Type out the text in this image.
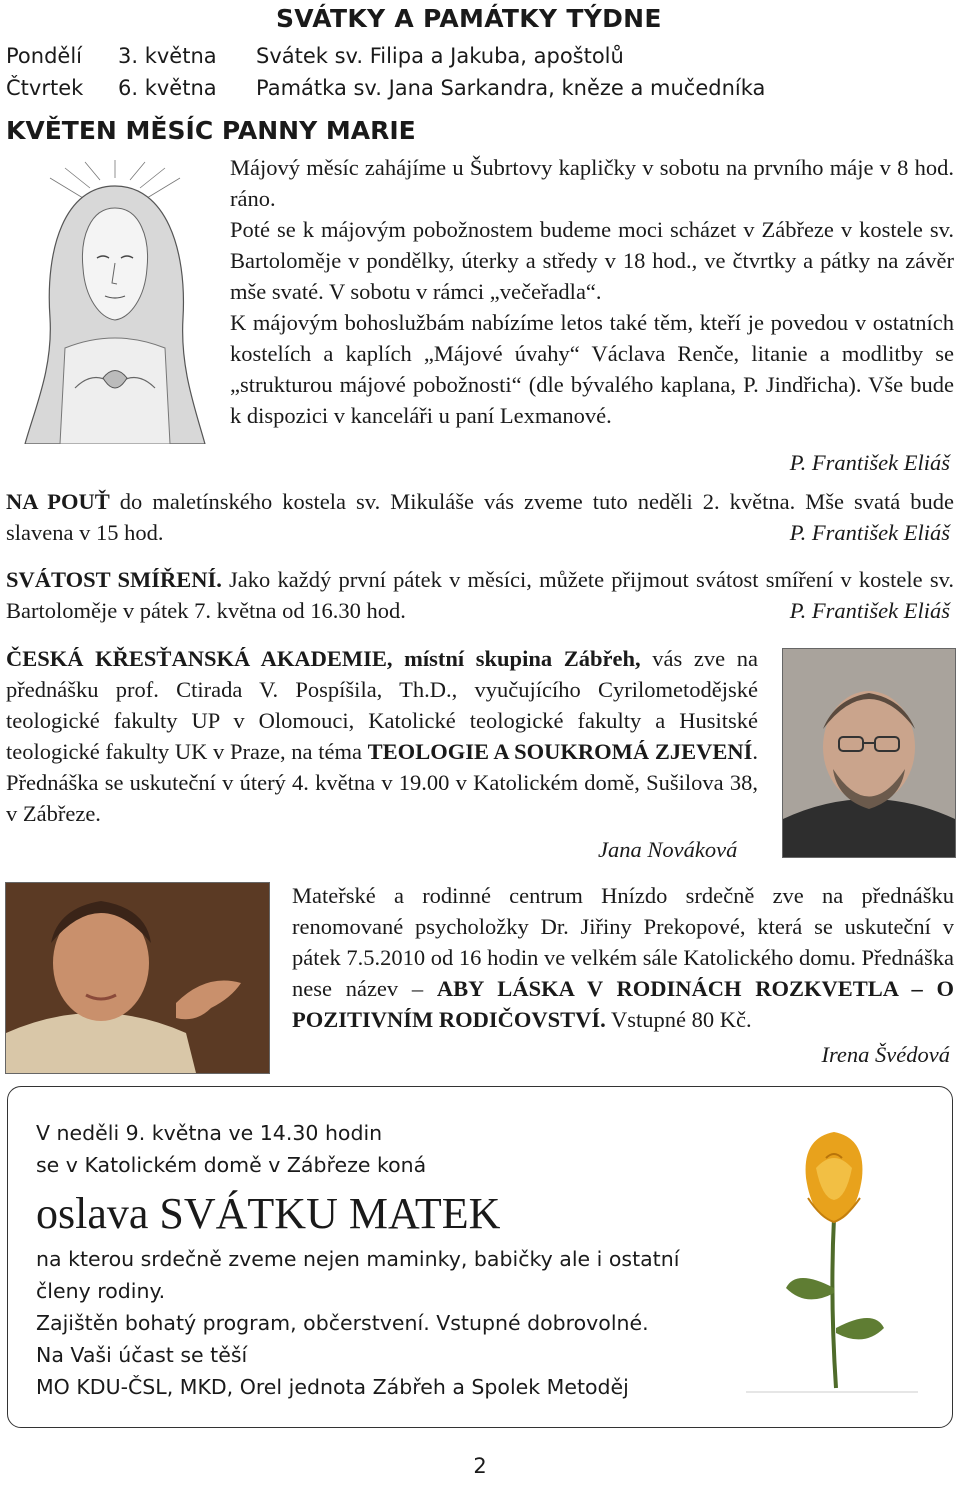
SVÁTKY A PAMÁTKY TÝDNE
Pondělí 3. května Svátek sv. Filipa a Jakuba, apoštolů
Čtvrtek 6. května Památka sv. Jana Sarkandra, kněze a mučedníka
KVĚTEN MĚSÍC PANNY MARIE
Májový měsíc zahájíme u Šubrtovy kapličky v sobotu na prvního máje v 8 hod. ráno.
Poté se k májovým pobožnostem budeme moci scházet v Zábřeze v kostele sv. Bartoloměje v pondělky, úterky a středy v 18 hod., ve čtvrtky a pátky na závěr mše svaté. V sobotu v rámci „večeřadla“.
K májovým bohoslužbám nabízíme letos také těm, kteří je povedou v ostatních kostelích a kaplích „Májové úvahy“ Václava Renče, litanie a modlitby se „strukturou májové pobožnosti“ (dle bývalého kaplana, P. Jindřicha). Vše bude k dispozici v kanceláři u paní Lexmanové.
P. František Eliáš
NA POUŤ do maletínského kostela sv. Mikuláše vás zveme tuto neděli 2. května. Mše svatá bude slavena v 15 hod.	P. František Eliáš
SVÁTOST SMÍŘENÍ. Jako každý první pátek v měsíci, můžete přijmout svátost smíření v kostele sv. Bartoloměje v pátek 7. května od 16.30 hod.	P. František Eliáš
ČESKÁ KŘESŤANSKÁ AKADEMIE, místní skupina Zábřeh, vás zve na přednášku prof. Ctirada V. Pospíšila, Th.D., vyučujícího Cyrilometodějské teologické fakulty UP v Olomouci, Katolické teologické fakulty a Husitské teologické fakulty UK v Praze, na téma TEOLOGIE A SOUKROMÁ ZJEVENÍ. Přednáška se uskuteční v úterý 4. května v 19.00 v Katolickém domě, Sušilova 38, v Zábřeze.
Jana Nováková
Mateřské a rodinné centrum Hnízdo srdečně zve na přednášku renomované psycholožky Dr. Jiřiny Prekopové, která se uskuteční v pátek 7.5.2010 od 16 hodin ve velkém sále Katolického domu. Přednáška nese název – ABY LÁSKA V RODINÁCH ROZKVETLA – O POZITIVNÍM RODIČOVSTVÍ. Vstupné 80 Kč.
Irena Švédová
V neděli 9. května ve 14.30 hodin
se v Katolickém domě v Zábřeze koná
oslava SVÁTKU MATEK
na kterou srdečně zveme nejen maminky, babičky ale i ostatní členy rodiny.
Zajištěn bohatý program, občerstvení. Vstupné dobrovolné.
Na Vaši účast se těší
MO KDU-ČSL, MKD, Orel jednota Zábřeh a Spolek Metoděj
2
